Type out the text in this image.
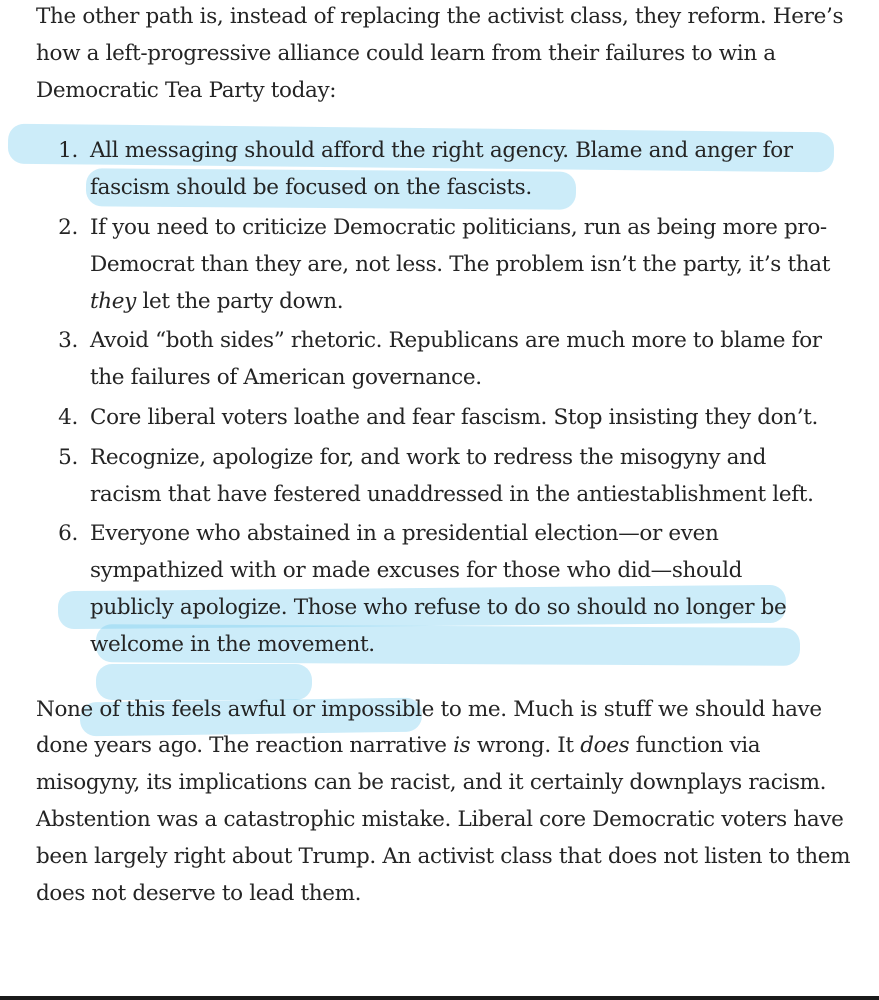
The other path is, instead of replacing the activist class, they reform. Here’s how a left-progressive alliance could learn from their failures to win a Democratic Tea Party today:

1. All messaging should afford the right agency. Blame and anger for fascism should be focused on the fascists.
2. If you need to criticize Democratic politicians, run as being more pro-Democrat than they are, not less. The problem isn’t the party, it’s that they let the party down.
3. Avoid “both sides” rhetoric. Republicans are much more to blame for the failures of American governance.
4. Core liberal voters loathe and fear fascism. Stop insisting they don’t.
5. Recognize, apologize for, and work to redress the misogyny and racism that have festered unaddressed in the antiestablishment left.
6. Everyone who abstained in a presidential election—or even sympathized with or made excuses for those who did—should publicly apologize. Those who refuse to do so should no longer be welcome in the movement.

None of this feels awful or impossible to me. Much is stuff we should have done years ago. The reaction narrative is wrong. It does function via misogyny, its implications can be racist, and it certainly downplays racism. Abstention was a catastrophic mistake. Liberal core Democratic voters have been largely right about Trump. An activist class that does not listen to them does not deserve to lead them.
